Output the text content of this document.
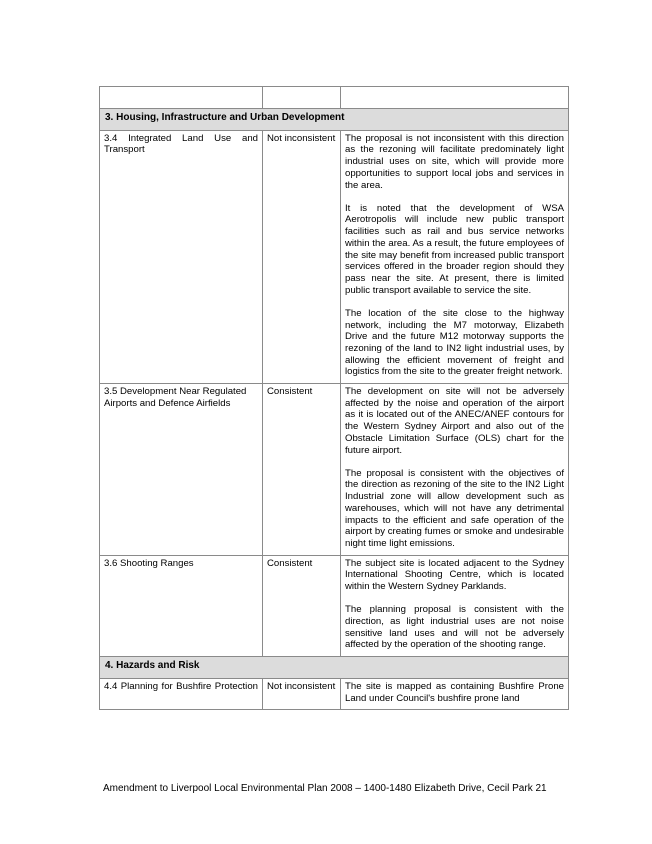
3. Housing, Infrastructure and Urban Development		

3.4 Integrated Land Use and Transport	Not inconsistent	The proposal is not inconsistent with this direction as the rezoning will facilitate predominately light industrial uses on site, which will provide more opportunities to support local jobs and services in the area.

It is noted that the development of WSA Aerotropolis will include new public transport facilities such as rail and bus service networks within the area. As a result, the future employees of the site may benefit from increased public transport services offered in the broader region should they pass near the site. At present, there is limited public transport available to service the site.

The location of the site close to the highway network, including the M7 motorway, Elizabeth Drive and the future M12 motorway supports the rezoning of the land to IN2 light industrial uses, by allowing the efficient movement of freight and logistics from the site to the greater freight network.

3.5 Development Near Regulated Airports and Defence Airfields	Consistent	The development on site will not be adversely affected by the noise and operation of the airport as it is located out of the ANEC/ANEF contours for the Western Sydney Airport and also out of the Obstacle Limitation Surface (OLS) chart for the future airport.

The proposal is consistent with the objectives of the direction as rezoning of the site to the IN2 Light Industrial zone will allow development such as warehouses, which will not have any detrimental impacts to the efficient and safe operation of the airport by creating fumes or smoke and undesirable night time light emissions.

3.6 Shooting Ranges	Consistent	The subject site is located adjacent to the Sydney International Shooting Centre, which is located within the Western Sydney Parklands.

The planning proposal is consistent with the direction, as light industrial uses are not noise sensitive land uses and will not be adversely affected by the operation of the shooting range.

4. Hazards and Risk		

4.4 Planning for Bushfire Protection	Not inconsistent	The site is mapped as containing Bushfire Prone Land under Council's bushfire prone land

Amendment to Liverpool Local Environmental Plan 2008 – 1400-1480 Elizabeth Drive, Cecil Park 21
